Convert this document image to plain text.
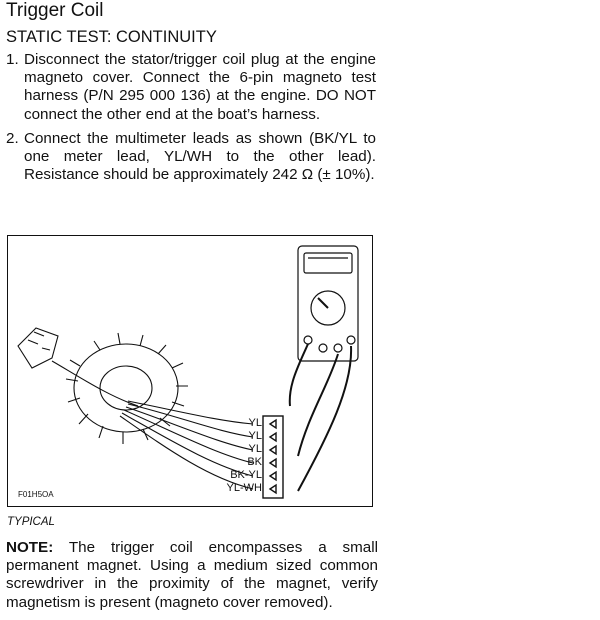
Trigger Coil
STATIC TEST: CONTINUITY
1. Disconnect the stator/trigger coil plug at the engine magneto cover. Connect the 6-pin magneto test harness (P/N 295 000 136) at the engine. DO NOT connect the other end at the boat’s harness.
2. Connect the multimeter leads as shown (BK/YL to one meter lead, YL/WH to the other lead). Resistance should be approximately 242 Ω (± 10%).
YL
YL
YL
BK
BK-YL
YL-WH
F01H5OA
TYPICAL
NOTE: The trigger coil encompasses a small permanent magnet. Using a medium sized common screwdriver in the proximity of the magnet, verify magnetism is present (magneto cover removed).
